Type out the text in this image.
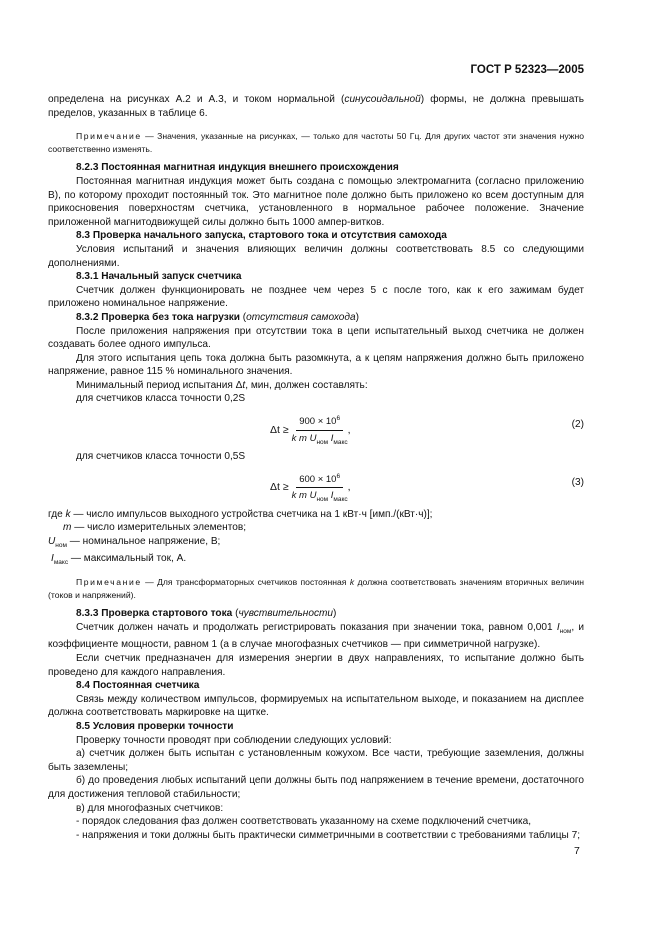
ГОСТ Р 52323—2005

определена на рисунках А.2 и А.3, и током нормальной (синусоидальной) формы, не должна превышать пределов, указанных в таблице 6.

Примечание — Значения, указанные на рисунках, — только для частоты 50 Гц. Для других частот эти значения нужно соответственно изменять.

8.2.3 Постоянная магнитная индукция внешнего происхождения

Постоянная магнитная индукция может быть создана с помощью электромагнита (согласно приложению В), по которому проходит постоянный ток. Это магнитное поле должно быть приложено ко всем доступным для прикосновения поверхностям счетчика, установленного в нормальное рабочее положение. Значение приложенной магнитодвижущей силы должно быть 1000 ампер-витков.

8.3 Проверка начального запуска, стартового тока и отсутствия самохода

Условия испытаний и значения влияющих величин должны соответствовать 8.5 со следующими дополнениями.

8.3.1 Начальный запуск счетчика

Счетчик должен функционировать не позднее чем через 5 с после того, как к его зажимам будет приложено номинальное напряжение.

8.3.2 Проверка без тока нагрузки (отсутствия самохода)

После приложения напряжения при отсутствии тока в цепи испытательный выход счетчика не должен создавать более одного импульса.

Для этого испытания цепь тока должна быть разомкнута, а к цепям напряжения должно быть приложено напряжение, равное 115 % номинального значения.

Минимальный период испытания Δt, мин, должен составлять:

для счетчиков класса точности 0,2S

$\Delta t \ge \frac{900 \times 10^6}{k m U_{ном} I_{макс}}$ ,	(2)

для счетчиков класса точности 0,5S

$\Delta t \ge \frac{600 \times 10^6}{k m U_{ном} I_{макс}}$ ,	(3)

где k — число импульсов выходного устройства счетчика на 1 кВт·ч [имп./(кВт·ч)];

m — число измерительных элементов;

$U_{ном}$ — номинальное напряжение, В;

$I_{макс}$ — максимальный ток, А.

Примечание — Для трансформаторных счетчиков постоянная k должна соответствовать значениям вторичных величин (токов и напряжений).

8.3.3 Проверка стартового тока (чувствительности)

Счетчик должен начать и продолжать регистрировать показания при значении тока, равном 0,001 $I_{ном}$, и коэффициенте мощности, равном 1 (а в случае многофазных счетчиков — при симметричной нагрузке).

Если счетчик предназначен для измерения энергии в двух направлениях, то испытание должно быть проведено для каждого направления.

8.4 Постоянная счетчика

Связь между количеством импульсов, формируемых на испытательном выходе, и показанием на дисплее должна соответствовать маркировке на щитке.

8.5 Условия проверки точности

Проверку точности проводят при соблюдении следующих условий:

а) счетчик должен быть испытан с установленным кожухом. Все части, требующие заземления, должны быть заземлены;

б) до проведения любых испытаний цепи должны быть под напряжением в течение времени, достаточного для достижения тепловой стабильности;

в) для многофазных счетчиков:

- порядок следования фаз должен соответствовать указанному на схеме подключений счетчика,

- напряжения и токи должны быть практически симметричными в соответствии с требованиями таблицы 7;

7
